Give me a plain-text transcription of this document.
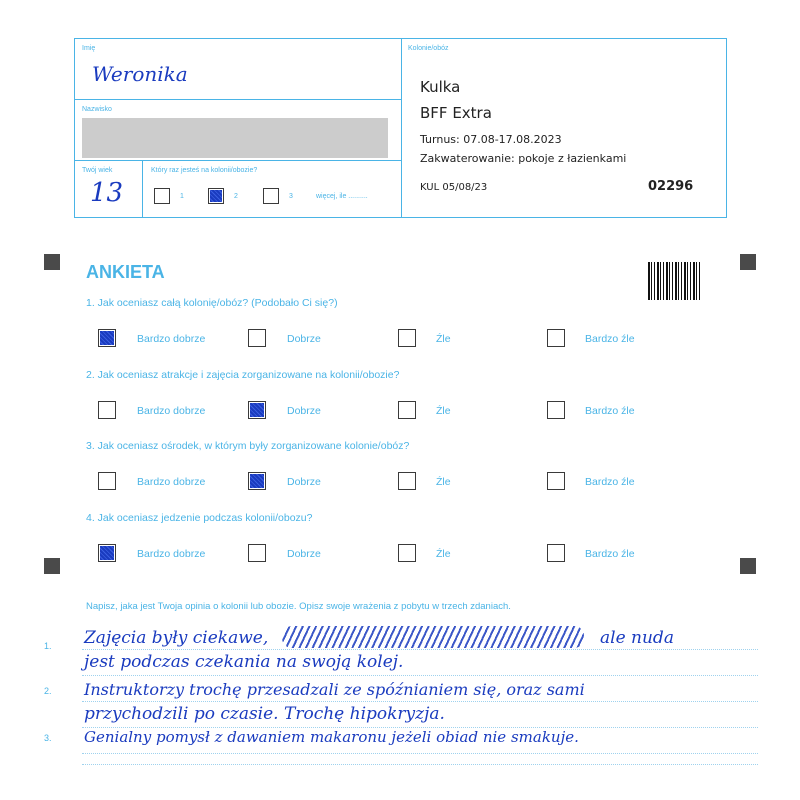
Imię
Weronika
Nazwisko
Twój wiek
13
Który raz jesteś na kolonii/obozie?
1	2	3	więcej, ile ..........
Kolonie/obóz
Kulka
BFF Extra
Turnus: 07.08-17.08.2023
Zakwaterowanie: pokoje z łazienkami
KUL 05/08/23	02296
ANKIETA
1. Jak oceniasz całą kolonię/obóz? (Podobało Ci się?)
Bardzo dobrze	Dobrze	Źle	Bardzo źle
2. Jak oceniasz atrakcje i zajęcia zorganizowane na kolonii/obozie?
Bardzo dobrze	Dobrze	Źle	Bardzo źle
3. Jak oceniasz ośrodek, w którym były zorganizowane kolonie/obóz?
Bardzo dobrze	Dobrze	Źle	Bardzo źle
4. Jak oceniasz jedzenie podczas kolonii/obozu?
Bardzo dobrze	Dobrze	Źle	Bardzo źle
Napisz, jaka jest Twoja opinia o kolonii lub obozie. Opisz swoje wrażenia z pobytu w trzech zdaniach.
1.
2.
3.
Zajęcia były ciekawe,	ale nuda
jest podczas czekania na swoją kolej.
Instruktorzy trochę przesadzali ze spóźnianiem się, oraz sami
przychodzili po czasie. Trochę hipokryzja.
Genialny pomysł z dawaniem makaronu jeżeli obiad nie smakuje.
